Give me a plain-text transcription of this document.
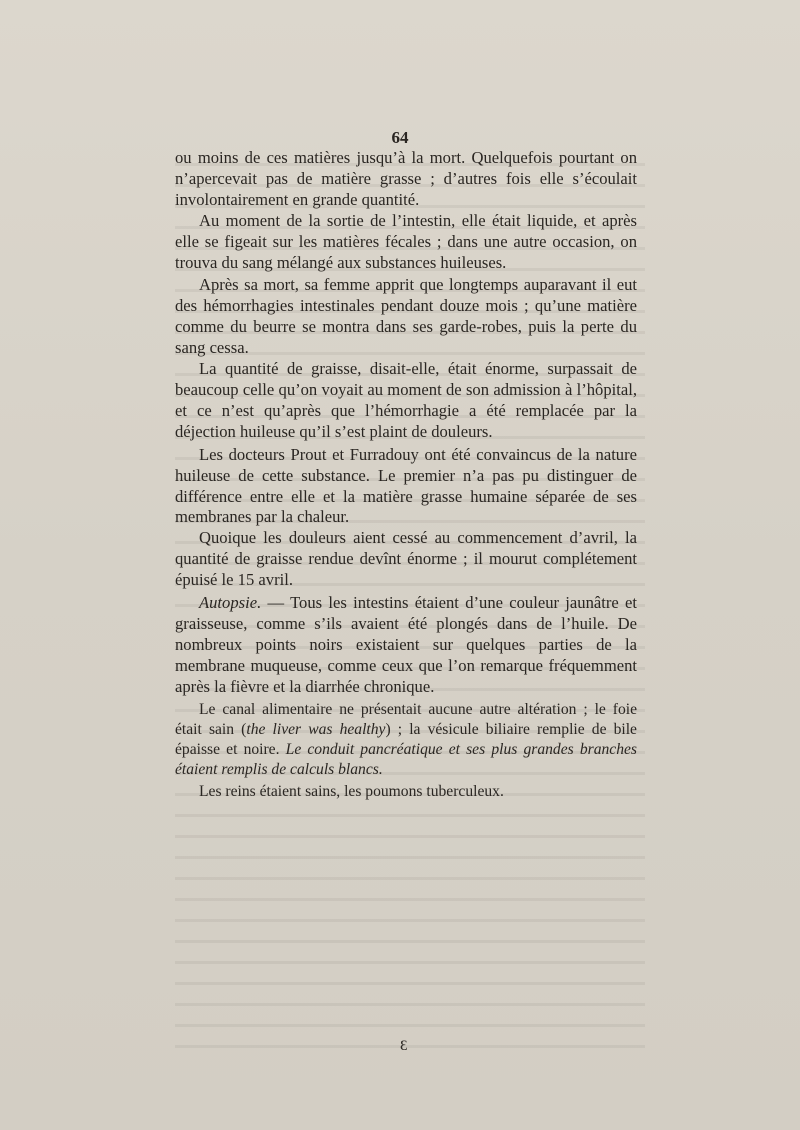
64

ou moins de ces matières jusqu’à la mort. Quelquefois pourtant on n’apercevait pas de matière grasse ; d’autres fois elle s’écoulait involontairement en grande quantité.

Au moment de la sortie de l’intestin, elle était liquide, et après elle se figeait sur les matières fécales ; dans une autre occasion, on trouva du sang mélangé aux substances huileuses.

Après sa mort, sa femme apprit que longtemps auparavant il eut des hémorrhagies intestinales pendant douze mois ; qu’une matière comme du beurre se montra dans ses garde-robes, puis la perte du sang cessa.

La quantité de graisse, disait-elle, était énorme, surpassait de beaucoup celle qu’on voyait au moment de son admission à l’hôpital, et ce n’est qu’après que l’hémorrhagie a été remplacée par la déjection huileuse qu’il s’est plaint de douleurs.

Les docteurs Prout et Furradouy ont été convaincus de la nature huileuse de cette substance. Le premier n’a pas pu distinguer de différence entre elle et la matière grasse humaine séparée de ses membranes par la chaleur.

Quoique les douleurs aient cessé au commencement d’avril, la quantité de graisse rendue devînt énorme ; il mourut complétement épuisé le 15 avril.

Autopsie. — Tous les intestins étaient d’une couleur jaunâtre et graisseuse, comme s’ils avaient été plongés dans de l’huile. De nombreux points noirs existaient sur quelques parties de la membrane muqueuse, comme ceux que l’on remarque fréquemment après la fièvre et la diarrhée chronique.

Le canal alimentaire ne présentait aucune autre altération ; le foie était sain (the liver was healthy) ; la vésicule biliaire remplie de bile épaisse et noire. Le conduit pancréatique et ses plus grandes branches étaient remplis de calculs blancs.

Les reins étaient sains, les poumons tuberculeux.

Ɛ
